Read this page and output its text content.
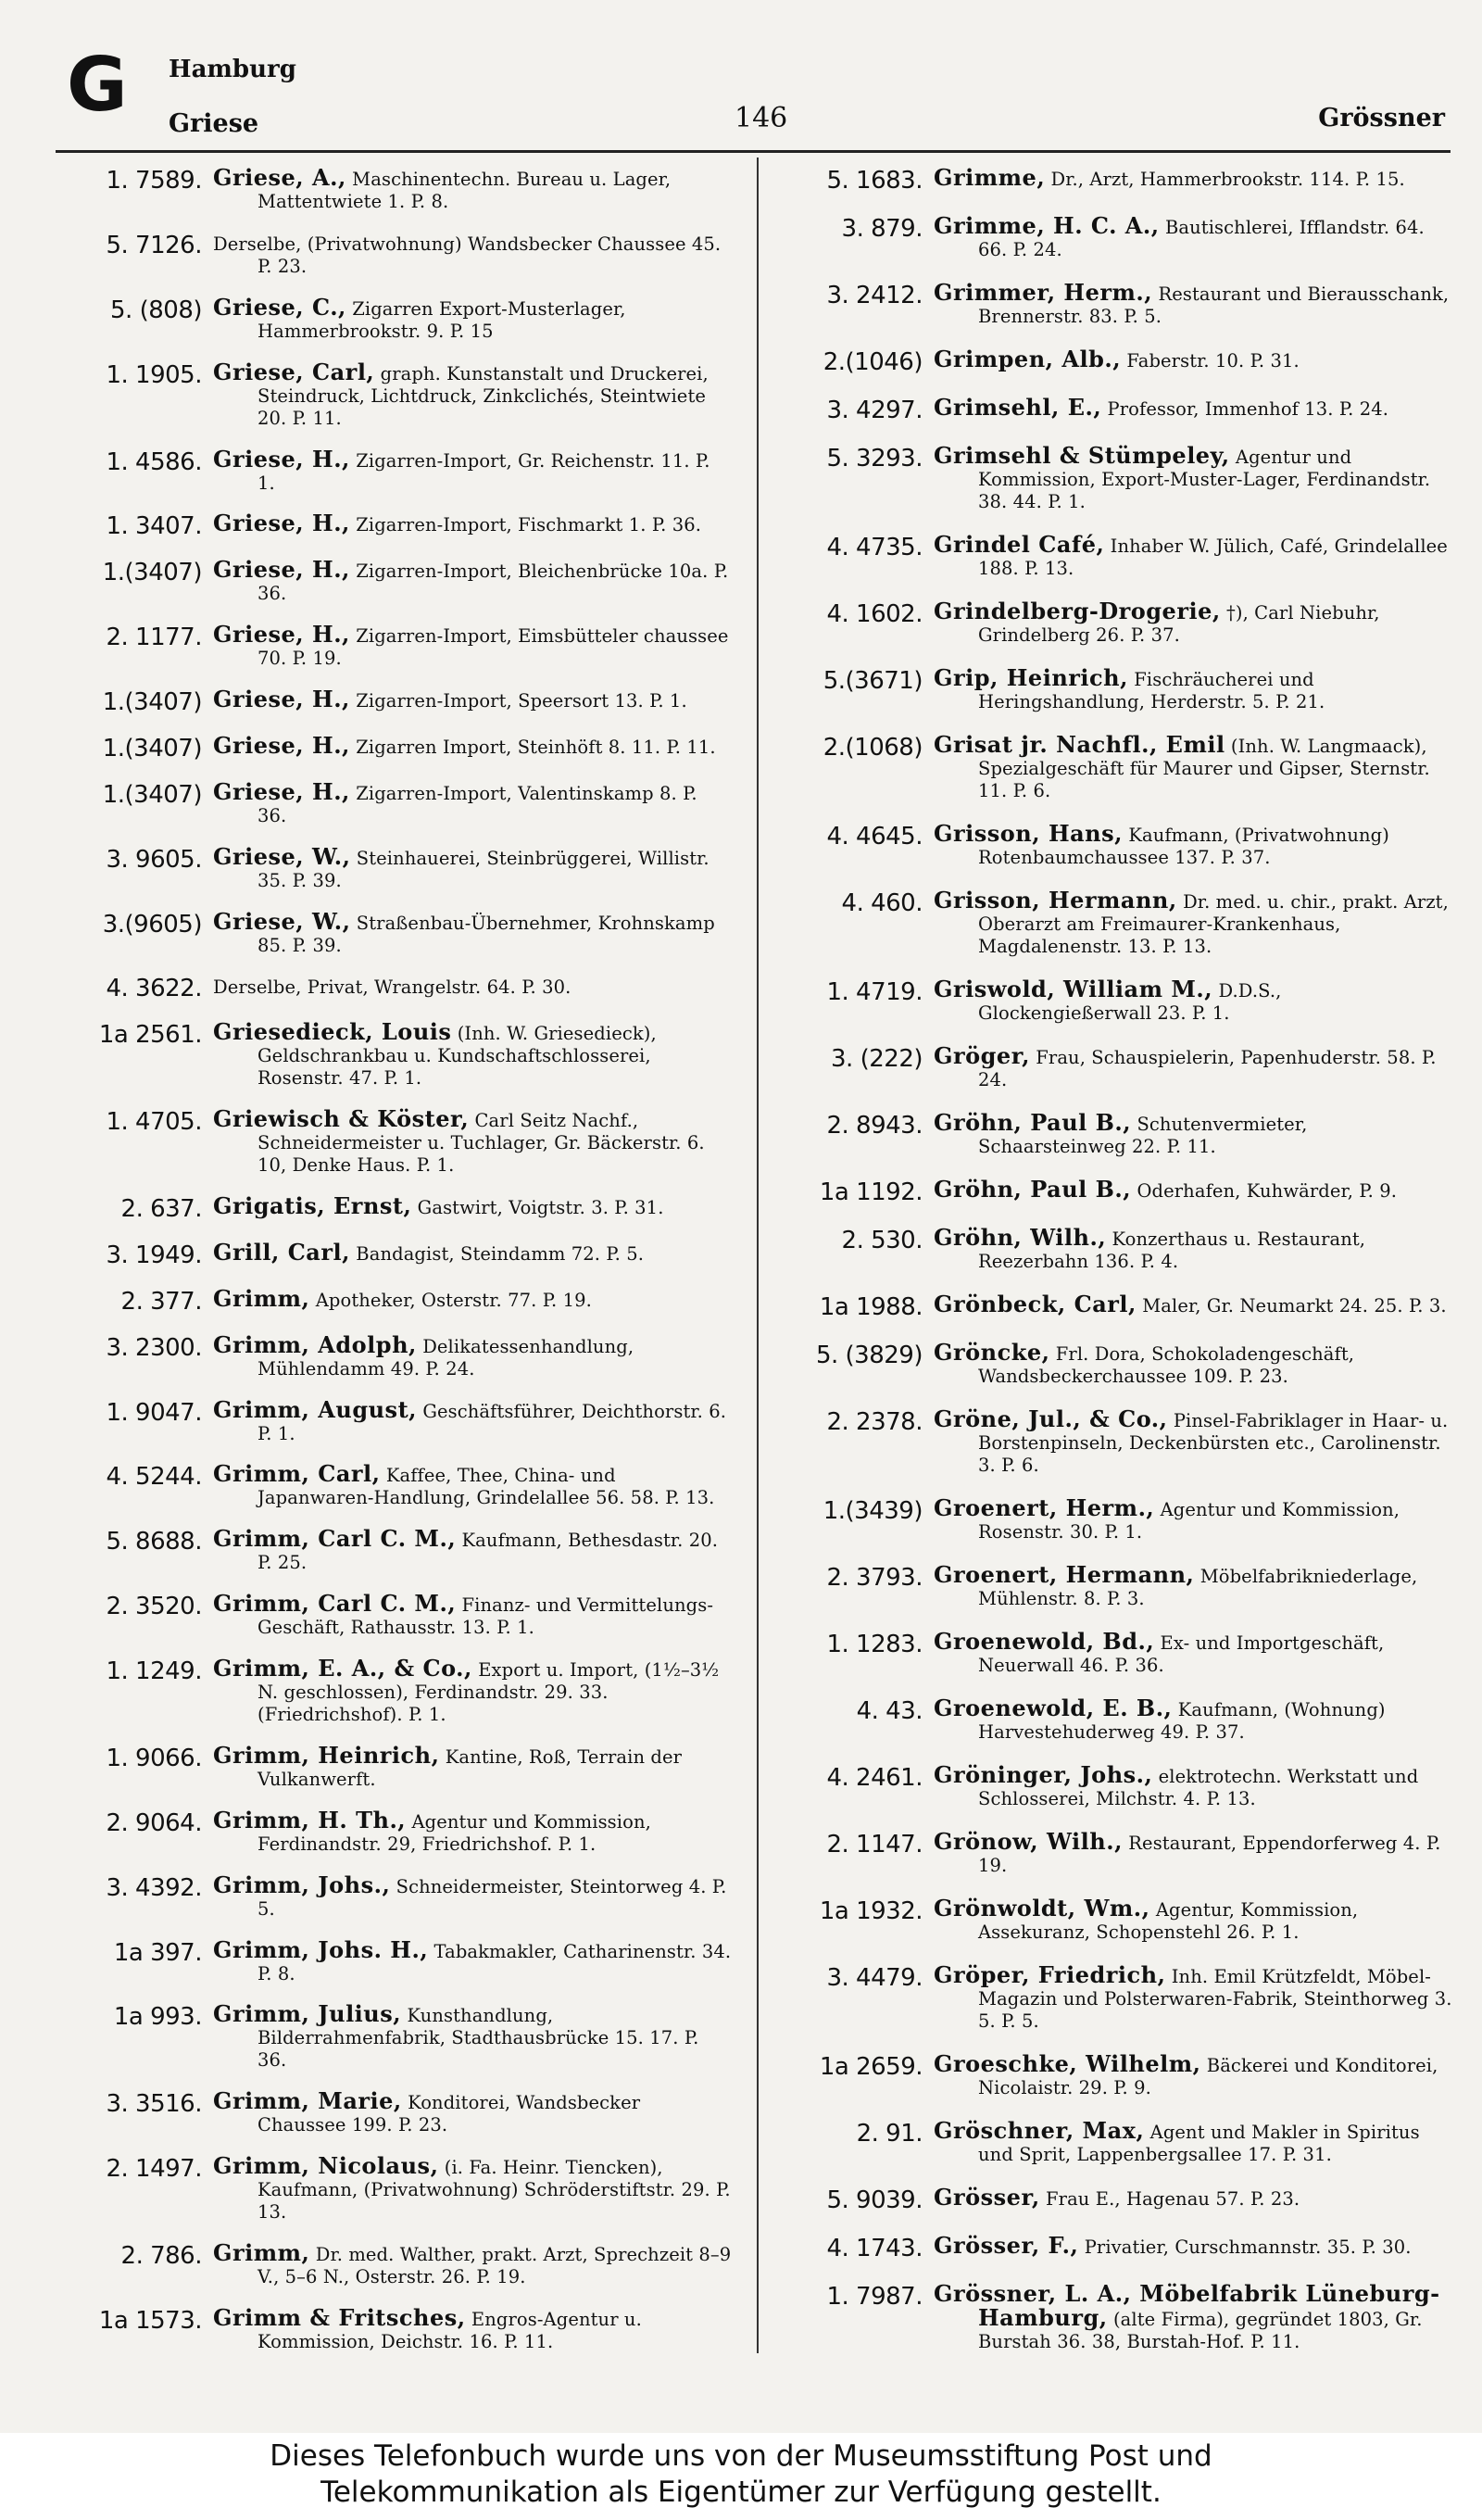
G Hamburg
Griese	146	Grössner
1. 7589. Griese, A., Maschinentechn. Bureau u. Lager, Mattentwiete 1. P. 8.
5. 7126. Derselbe, (Privatwohnung) Wandsbecker Chaussee 45. P. 23.
5. (808) Griese, C., Zigarren Export-Musterlager, Hammerbrookstr. 9. P. 15
1. 1905. Griese, Carl, graph. Kunstanstalt und Druckerei, Steindruck, Lichtdruck, Zinkclichés, Steintwiete 20. P. 11.
1. 4586. Griese, H., Zigarren-Import, Gr. Reichenstr. 11. P. 1.
1. 3407. Griese, H., Zigarren-Import, Fischmarkt 1. P. 36.
1.(3407) Griese, H., Zigarren-Import, Bleichenbrücke 10a. P. 36.
2. 1177. Griese, H., Zigarren-Import, Eimsbütteler chaussee 70. P. 19.
1.(3407) Griese, H., Zigarren-Import, Speersort 13. P. 1.
1.(3407) Griese, H., Zigarren Import, Steinhöft 8. 11. P. 11.
1.(3407) Griese, H., Zigarren-Import, Valentinskamp 8. P. 36.
3. 9605. Griese, W., Steinhauerei, Steinbrüggerei, Willistr. 35. P. 39.
3.(9605) Griese, W., Straßenbau-Übernehmer, Krohnskamp 85. P. 39.
4. 3622. Derselbe, Privat, Wrangelstr. 64. P. 30.
1a 2561. Griesedieck, Louis (Inh. W. Griesedieck), Geldschrankbau u. Kundschaftschlosserei, Rosenstr. 47. P. 1.
1. 4705. Griewisch & Köster, Carl Seitz Nachf., Schneidermeister u. Tuchlager, Gr. Bäckerstr. 6. 10, Denke Haus. P. 1.
2. 637. Grigatis, Ernst, Gastwirt, Voigtstr. 3. P. 31.
3. 1949. Grill, Carl, Bandagist, Steindamm 72. P. 5.
2. 377. Grimm, Apotheker, Osterstr. 77. P. 19.
3. 2300. Grimm, Adolph, Delikatessenhandlung, Mühlendamm 49. P. 24.
1. 9047. Grimm, August, Geschäftsführer, Deichthorstr. 6. P. 1.
4. 5244. Grimm, Carl, Kaffee, Thee, China- und Japanwaren-Handlung, Grindelallee 56. 58. P. 13.
5. 8688. Grimm, Carl C. M., Kaufmann, Bethesdastr. 20. P. 25.
2. 3520. Grimm, Carl C. M., Finanz- und Vermittelungs-Geschäft, Rathausstr. 13. P. 1.
1. 1249. Grimm, E. A., & Co., Export u. Import, (1½–3½ N. geschlossen), Ferdinandstr. 29. 33. (Friedrichshof). P. 1.
1. 9066. Grimm, Heinrich, Kantine, Roß, Terrain der Vulkanwerft.
2. 9064. Grimm, H. Th., Agentur und Kommission, Ferdinandstr. 29, Friedrichshof. P. 1.
3. 4392. Grimm, Johs., Schneidermeister, Steintorweg 4. P. 5.
1a 397. Grimm, Johs. H., Tabakmakler, Catharinenstr. 34. P. 8.
1a 993. Grimm, Julius, Kunsthandlung, Bilderrahmenfabrik, Stadthausbrücke 15. 17. P. 36.
3. 3516. Grimm, Marie, Konditorei, Wandsbecker Chaussee 199. P. 23.
2. 1497. Grimm, Nicolaus, (i. Fa. Heinr. Tiencken), Kaufmann, (Privatwohnung) Schröderstiftstr. 29. P. 13.
2. 786. Grimm, Dr. med. Walther, prakt. Arzt, Sprechzeit 8–9 V., 5–6 N., Osterstr. 26. P. 19.
1a 1573. Grimm & Fritsches, Engros-Agentur u. Kommission, Deichstr. 16. P. 11.
5. 1683. Grimme, Dr., Arzt, Hammerbrookstr. 114. P. 15.
3. 879. Grimme, H. C. A., Bautischlerei, Ifflandstr. 64. 66. P. 24.
3. 2412. Grimmer, Herm., Restaurant und Bierausschank, Brennerstr. 83. P. 5.
2.(1046) Grimpen, Alb., Faberstr. 10. P. 31.
3. 4297. Grimsehl, E., Professor, Immenhof 13. P. 24.
5. 3293. Grimsehl & Stümpeley, Agentur und Kommission, Export-Muster-Lager, Ferdinandstr. 38. 44. P. 1.
4. 4735. Grindel Café, Inhaber W. Jülich, Café, Grindelallee 188. P. 13.
4. 1602. Grindelberg-Drogerie, †), Carl Niebuhr, Grindelberg 26. P. 37.
5.(3671) Grip, Heinrich, Fischräucherei und Heringshandlung, Herderstr. 5. P. 21.
2.(1068) Grisat jr. Nachfl., Emil (Inh. W. Langmaack), Spezialgeschäft für Maurer und Gipser, Sternstr. 11. P. 6.
4. 4645. Grisson, Hans, Kaufmann, (Privatwohnung) Rotenbaumchaussee 137. P. 37.
4. 460. Grisson, Hermann, Dr. med. u. chir., prakt. Arzt, Oberarzt am Freimaurer-Krankenhaus, Magdalenenstr. 13. P. 13.
1. 4719. Griswold, William M., D.D.S., Glockengießerwall 23. P. 1.
3. (222) Gröger, Frau, Schauspielerin, Papenhuderstr. 58. P. 24.
2. 8943. Gröhn, Paul B., Schutenvermieter, Schaarsteinweg 22. P. 11.
1a 1192. Gröhn, Paul B., Oderhafen, Kuhwärder, P. 9.
2. 530. Gröhn, Wilh., Konzerthaus u. Restaurant, Reezerbahn 136. P. 4.
1a 1988. Grönbeck, Carl, Maler, Gr. Neumarkt 24. 25. P. 3.
5. (3829) Gröncke, Frl. Dora, Schokoladengeschäft, Wandsbeckerchaussee 109. P. 23.
2. 2378. Gröne, Jul., & Co., Pinsel-Fabriklager in Haar- u. Borstenpinseln, Deckenbürsten etc., Carolinenstr. 3. P. 6.
1.(3439) Groenert, Herm., Agentur und Kommission, Rosenstr. 30. P. 1.
2. 3793. Groenert, Hermann, Möbelfabrikniederlage, Mühlenstr. 8. P. 3.
1. 1283. Groenewold, Bd., Ex- und Importgeschäft, Neuerwall 46. P. 36.
4. 43. Groenewold, E. B., Kaufmann, (Wohnung) Harvestehuderweg 49. P. 37.
4. 2461. Gröninger, Johs., elektrotechn. Werkstatt und Schlosserei, Milchstr. 4. P. 13.
2. 1147. Grönow, Wilh., Restaurant, Eppendorferweg 4. P. 19.
1a 1932. Grönwoldt, Wm., Agentur, Kommission, Assekuranz, Schopenstehl 26. P. 1.
3. 4479. Gröper, Friedrich, Inh. Emil Krützfeldt, Möbel-Magazin und Polsterwaren-Fabrik, Steinthorweg 3. 5. P. 5.
1a 2659. Groeschke, Wilhelm, Bäckerei und Konditorei, Nicolaistr. 29. P. 9.
2. 91. Gröschner, Max, Agent und Makler in Spiritus und Sprit, Lappenbergsallee 17. P. 31.
5. 9039. Grösser, Frau E., Hagenau 57. P. 23.
4. 1743. Grösser, F., Privatier, Curschmannstr. 35. P. 30.
1. 7987. Grössner, L. A., Möbelfabrik Lüneburg-Hamburg, (alte Firma), gegründet 1803, Gr. Burstah 36. 38, Burstah-Hof. P. 11.
Dieses Telefonbuch wurde uns von der Museumsstiftung Post und
Telekommunikation als Eigentümer zur Verfügung gestellt.
